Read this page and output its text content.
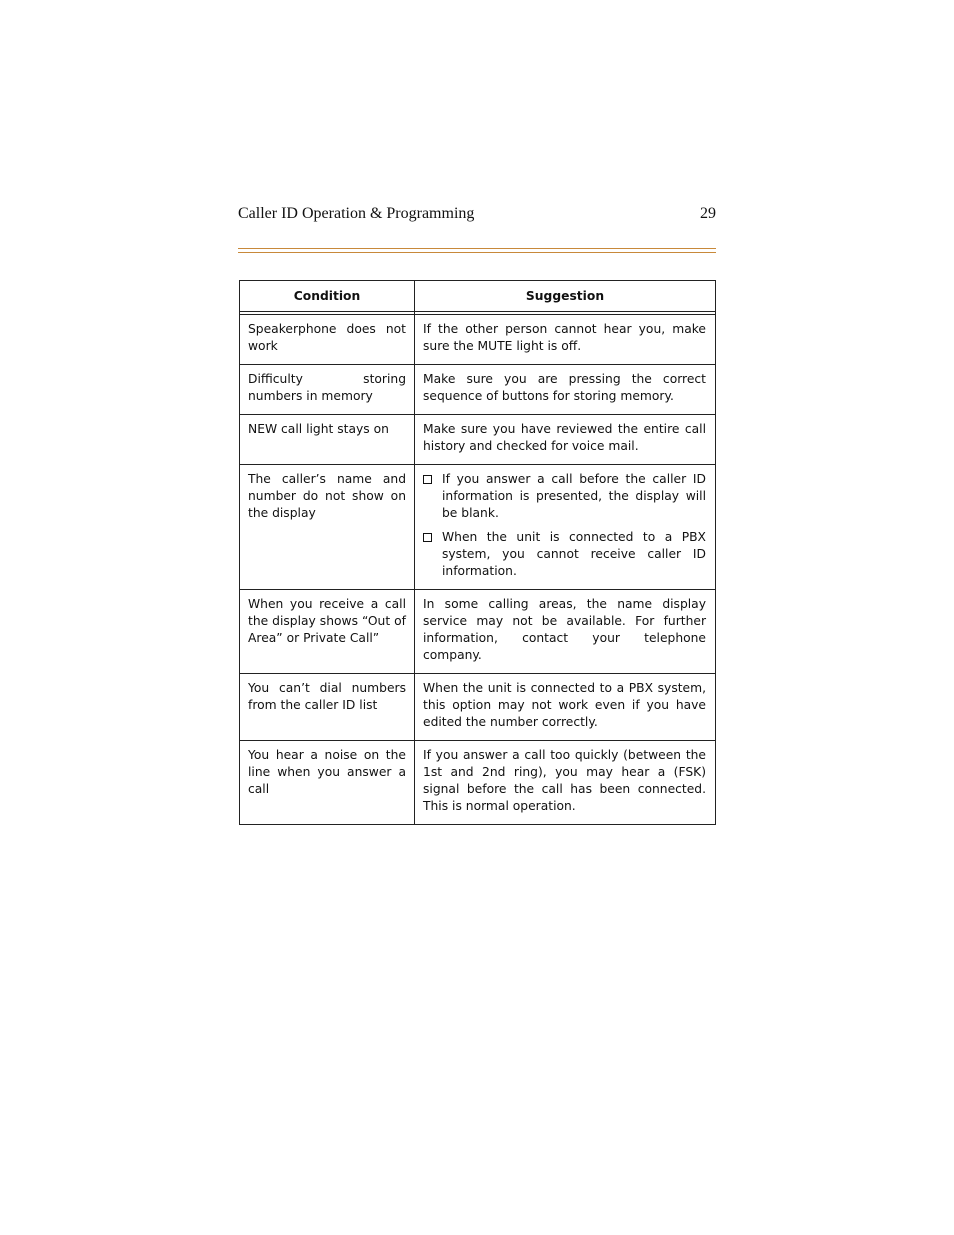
Caller ID Operation & Programming	29
Condition	Suggestion

Speakerphone does not work	If the other person cannot hear you, make sure the MUTE light is off.
Difficulty storing numbers in memory	Make sure you are pressing the correct sequence of buttons for storing memory.
NEW call light stays on	Make sure you have reviewed the entire call history and checked for voice mail.
The caller’s name and number do not show on the display	If you answer a call before the caller ID information is presented, the display will be blank.
When the unit is connected to a PBX system, you cannot receive caller ID information.

When you receive a call the display shows “Out of Area” or Private Call”	In some calling areas, the name display service may not be available. For further information, contact your telephone company.
You can’t dial numbers from the caller ID list	When the unit is connected to a PBX system, this option may not work even if you have edited the number correctly.
You hear a noise on the line when you answer a call	If you answer a call too quickly (between the 1st and 2nd ring), you may hear a (FSK) signal before the call has been connected. This is normal operation.
